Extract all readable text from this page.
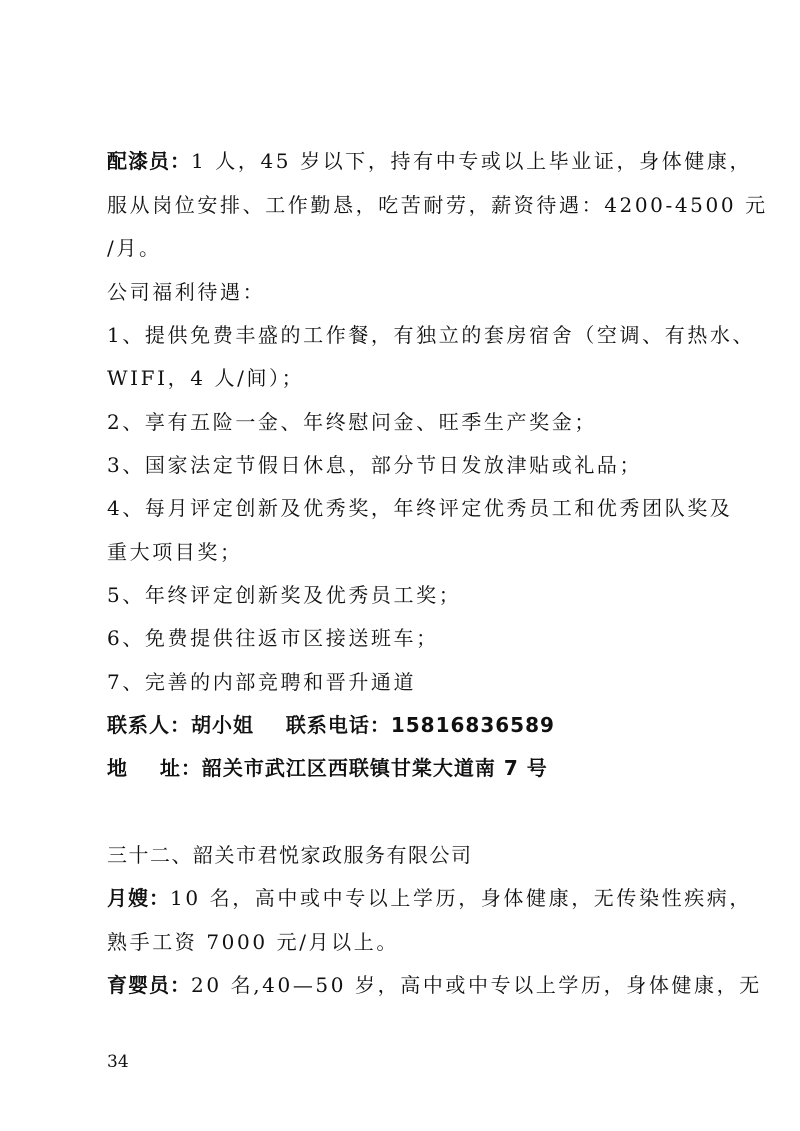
配漆员：1 人，45 岁以下，持有中专或以上毕业证，身体健康，
服从岗位安排、工作勤恳，吃苦耐劳，薪资待遇：4200-4500 元
/月。
公司福利待遇：
1、提供免费丰盛的工作餐，有独立的套房宿舍（空调、有热水、
WIFI，4 人/间）；
2、享有五险一金、年终慰问金、旺季生产奖金；
3、国家法定节假日休息，部分节日发放津贴或礼品；
4、每月评定创新及优秀奖，年终评定优秀员工和优秀团队奖及
重大项目奖；
5、年终评定创新奖及优秀员工奖；
6、免费提供往返市区接送班车；
7、完善的内部竞聘和晋升通道
联系人：胡小姐    联系电话：15816836589
地    址：韶关市武江区西联镇甘棠大道南 7 号
三十二、韶关市君悦家政服务有限公司
月嫂：10 名，高中或中专以上学历，身体健康，无传染性疾病，
熟手工资 7000 元/月以上。
育婴员：20 名,40—50 岁，高中或中专以上学历，身体健康，无
34
